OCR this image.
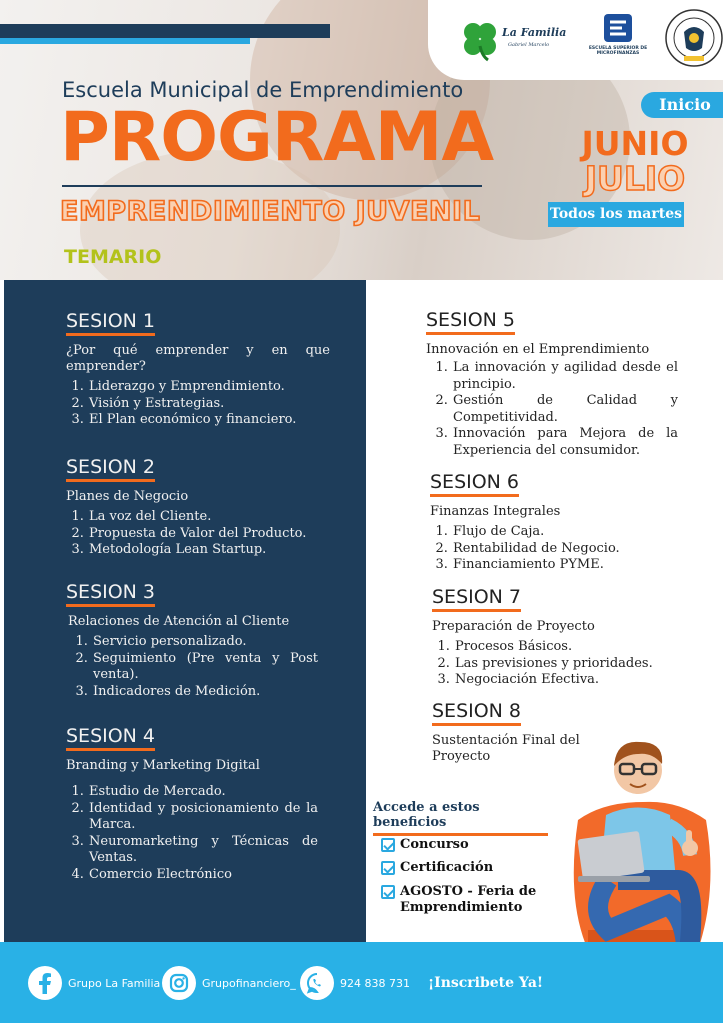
La Familia
Gabriel Marcelo
ESCUELA SUPERIOR DE MICROFINANZAS
Escuela Municipal de Emprendimiento
PROGRAMA
EMPRENDIMIENTO JUVENIL
TEMARIO
Inicio
JUNIO
JULIO
Todos los martes
SESION 1
¿Por qué emprender y en que emprender?
1. Liderazgo y Emprendimiento.
2. Visión y Estrategias.
3. El Plan económico y financiero.
SESION 2
Planes de Negocio
1. La voz del Cliente.
2. Propuesta de Valor del Producto.
3. Metodología Lean Startup.
SESION 3
Relaciones de Atención al Cliente
1. Servicio personalizado.
2. Seguimiento (Pre venta y Post venta).
3. Indicadores de Medición.
SESION 4
Branding y Marketing Digital
1. Estudio de Mercado.
2. Identidad y posicionamiento de la Marca.
3. Neuromarketing y Técnicas de Ventas.
4. Comercio Electrónico
SESION 5
Innovación en el Emprendimiento
1. La innovación y agilidad desde el principio.
2. Gestión de Calidad y Competitividad.
3. Innovación para Mejora de la Experiencia del consumidor.
SESION 6
Finanzas Integrales
1. Flujo de Caja.
2. Rentabilidad de Negocio.
3. Financiamiento PYME.
SESION 7
Preparación de Proyecto
1. Procesos Básicos.
2. Las previsiones y prioridades.
3. Negociación Efectiva.
SESION 8
Sustentación Final del Proyecto
Accede a estos beneficios
Concurso
Certificación
AGOSTO - Feria de Emprendimiento
Grupo La Familia	Grupofinanciero_	924 838 731 ¡Inscribete Ya!
